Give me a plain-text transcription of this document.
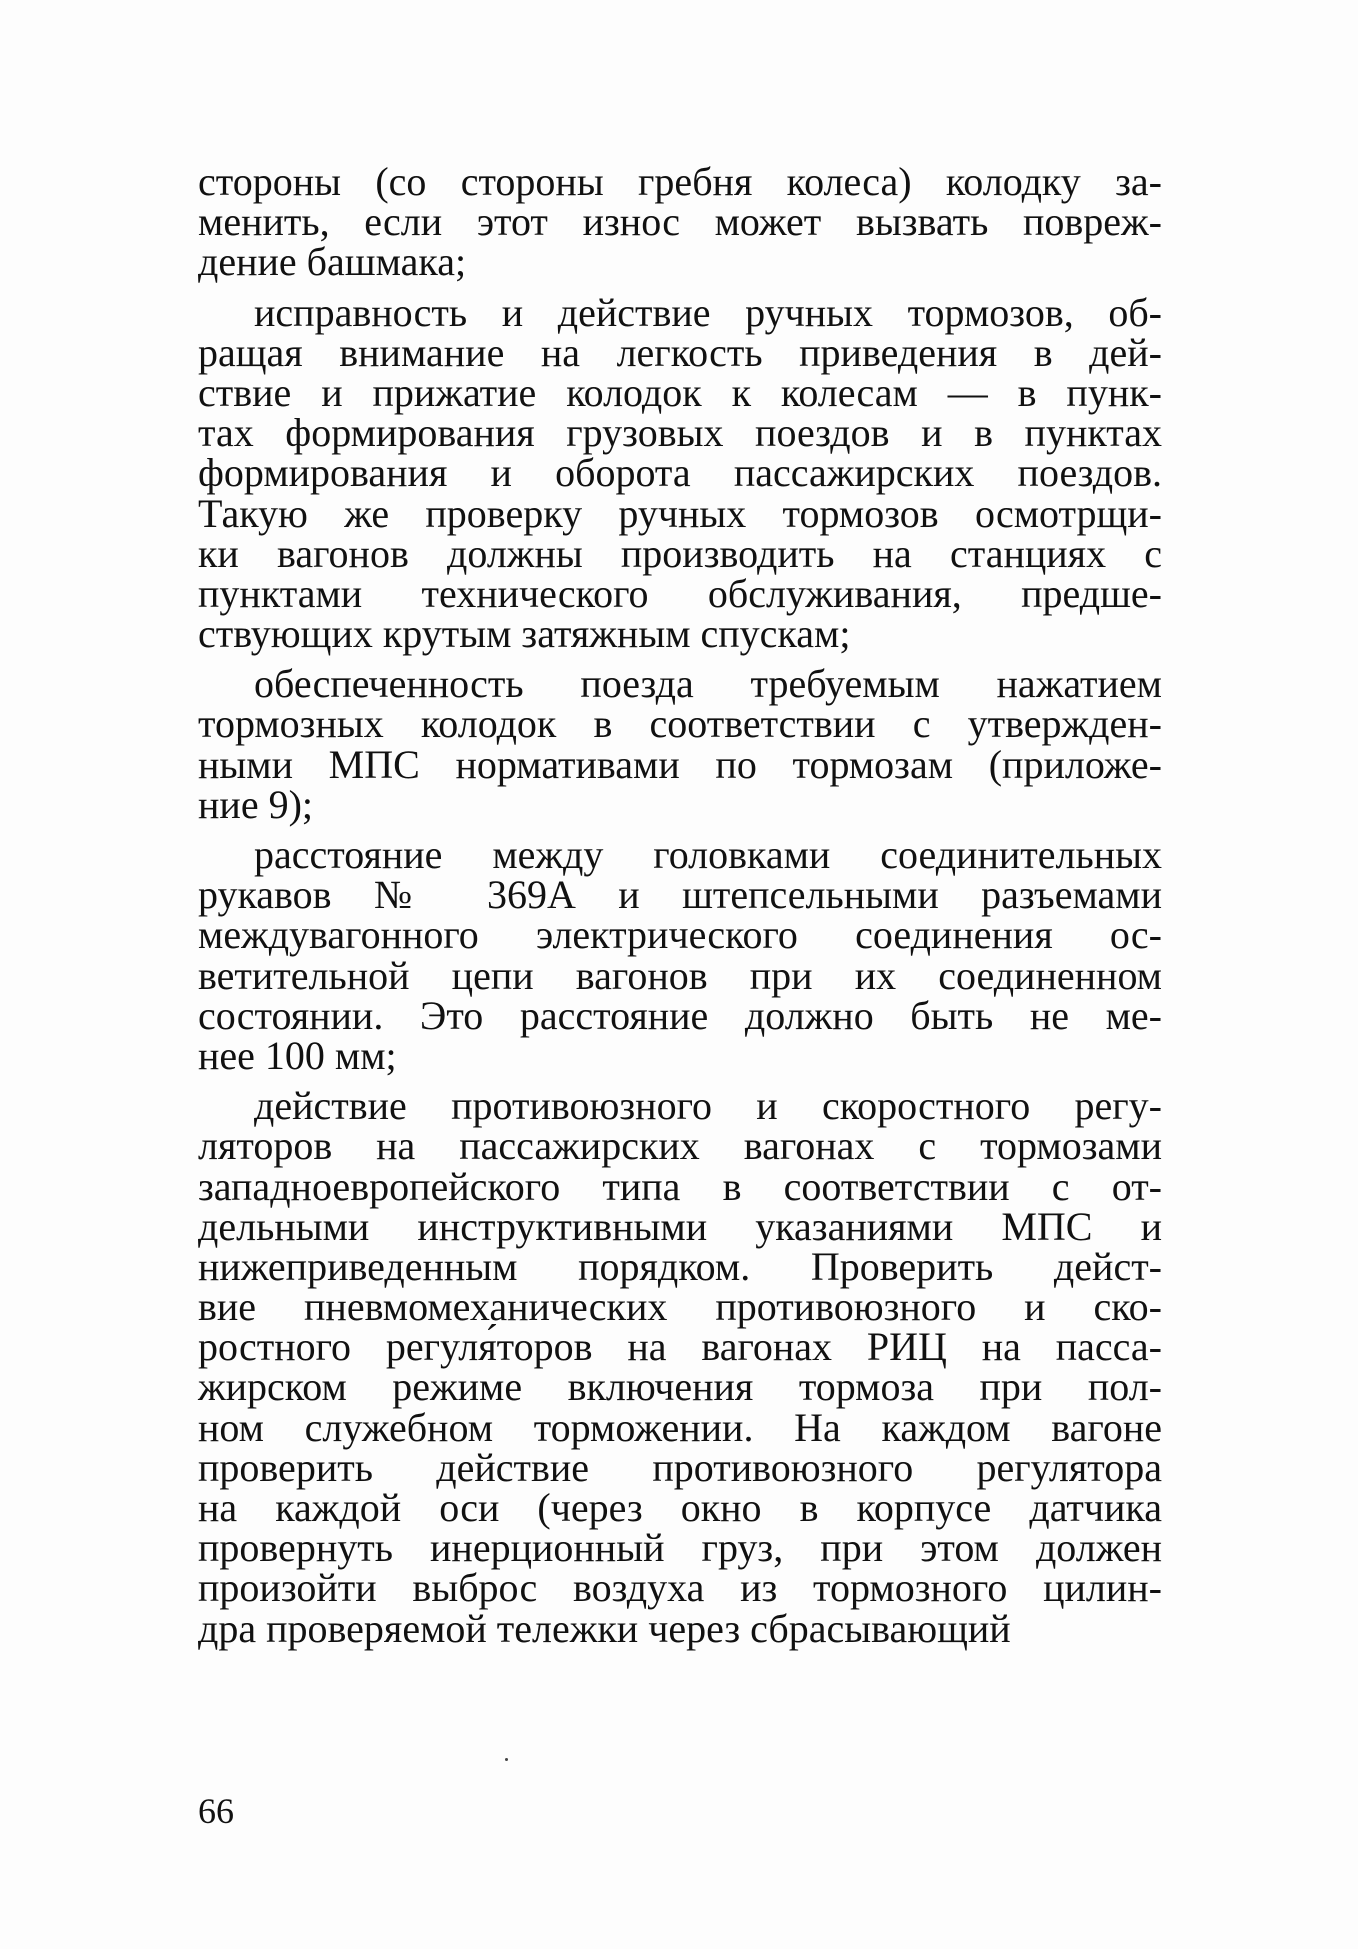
стороны (со стороны гребня колеса) колодку за-
менить, если этот износ может вызвать повреж-
дение башмака;
исправность и действие ручных тормозов, об-
ращая внимание на легкость приведения в дей-
ствие и прижатие колодок к колесам — в пунк-
тах формирования грузовых поездов и в пунктах
формирования и оборота пассажирских поездов.
Такую же проверку ручных тормозов осмотрщи-
ки вагонов должны производить на станциях с
пунктами технического обслуживания, предше-
ствующих крутым затяжным спускам;
обеспеченность поезда требуемым нажатием
тормозных колодок в соответствии с утвержден-
ными МПС нормативами по тормозам (приложе-
ние 9);
расстояние между головками соединительных
рукавов № 369А и штепсельными разъемами
междувагонного электрического соединения ос-
ветительной цепи вагонов при их соединенном
состоянии. Это расстояние должно быть не ме-
нее 100 мм;
действие противоюзного и скоростного регу-
ляторов на пассажирских вагонах с тормозами
западноевропейского типа в соответствии с от-
дельными инструктивными указаниями МПС и
нижеприведенным порядком. Проверить дейст-
вие пневмомеханических противоюзного и ско-
ростного регуля́торов на вагонах РИЦ на пасса-
жирском режиме включения тормоза при пол-
ном служебном торможении. На каждом вагоне
проверить действие противоюзного регулятора
на каждой оси (через окно в корпусе датчика
провернуть инерционный груз, при этом должен
произойти выброс воздуха из тормозного цилин-
дра проверяемой тележки через сбрасывающий
66
